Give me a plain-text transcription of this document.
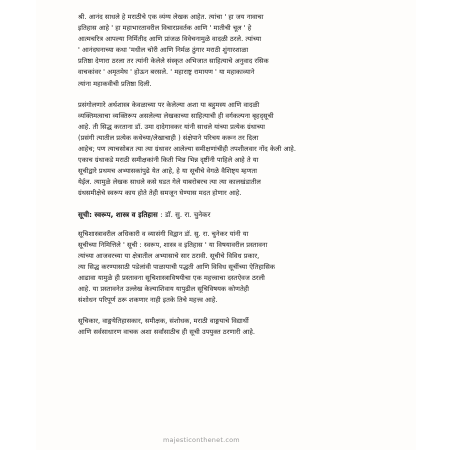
श्री. आनंद साधले हे मराठीचे एक व्यंग्य लेखक आहेत. त्यांचा ' हा जय नावाचा
इतिहास आहे ' हा महाभारतावरील विचारप्रवर्तक आणि ' मातीची चूल ' हे
आत्मचरित्र आपल्या निर्मितीद आणि प्रांजळ विवेचनामुळे वादळी ठरले. त्यांच्या
' आनंदघनाच्या कथा 'मधील चोरी आणि निर्मळ ठुंगार मराठी शुंगारशाळा
प्रतिष्ठा देणारा ठरला तर त्यांनी केलेले संस्कृत अभिजात साहित्याचे अनुवाद रसिक
वाचकांवर ' अमृतमेघ ' होऊन बरसले. ' महाराष्ट्र रामायण ' या महाकाव्याने
त्यांना महाकवीची प्रतिष्ठा दिली.
प्रसंगोलणारे अर्थशास्त्र केवळाच्या पर केलेल्या अशा या बहुमस्य आणि वादळी
व्यक्तिमत्वाचा व्यक्तिरूप असलेल्या लेखकाच्या साहित्याची ही वर्गकल्पना बृहद्सूची
आहे. ती सिद्ध करताना डॉ. उमा दादेगावकर यांनी साधले यांच्या प्रत्येक ग्रंथाच्या
(प्रसंगी त्यातील प्रत्येक कथेच्या/लेखाचाही ) संक्षेपाने परिचय करून तर दिला
आहेच; पण त्याचसोबत त्या त्या ग्रंथावर आलेल्या समीक्षणांचीही तपशीलवार नोंद केली आहे.
एकाच ग्रंथाकडे मराठी समीक्षकांनी किती भिन्न भिन्न दृष्टींनी पाहिले आहे ते या
सूचीद्वारे प्रथमच अभ्यासकांपुढे येत आहे, हे या सूचीचे वेगळे वैशिष्ट्य म्हणता
येईल. त्यामुळे लेखक साधले कसे घडत गेले याबरोबरच त्या त्या कालखंडातील
ग्रंथसमीक्षेचे स्वरूप काय होते तेही समजून घेण्यास मदत होणार आहे.
सूची: स्वरूप, शास्त्र व इतिहास : डॉ. सु. रा. चुनेकर
सूचिशास्त्रावरील अधिकारी व व्यासंगी विद्वान डॉ. सु. रा. चुनेकर यांनी या
सूचीच्या निमित्तिले ' सूची : स्वरूप, शास्त्र व इतिहास ' या विषयावरील प्रस्तावना
त्यांच्या आजवरच्या या क्षेत्रातील अभ्यासाचे सार ठरावी. सूचीचे विविध प्रकार,
त्या सिद्ध करण्यासाठी पडेलांवी पाळायाची पद्धती आणि विविध सूचींच्या ऐतिहासिक
आढावा यामुळे ही प्रस्तावना सूचिशास्त्राविषयीचा एक महत्त्वाचा दस्तऐवज ठरली
आहे. या प्रस्तावनेत उल्लेख केल्याशिवाय यापुढील सूचिविषयक कोणतेही
संशोधन परिपूर्ण ठरू शकणार नाही इतके तिचे महत्त्व आहे.
सूचिकार, वाङ्मयेतिहासकार, समीक्षक, संशोधक, मराठी वाङ्मयाचे विद्यार्थी
आणि सर्वसाधारण वाचक अशा सर्वांसाठीच ही सूची उपयुक्त ठरणारी आहे.
majesticonthenet.com
